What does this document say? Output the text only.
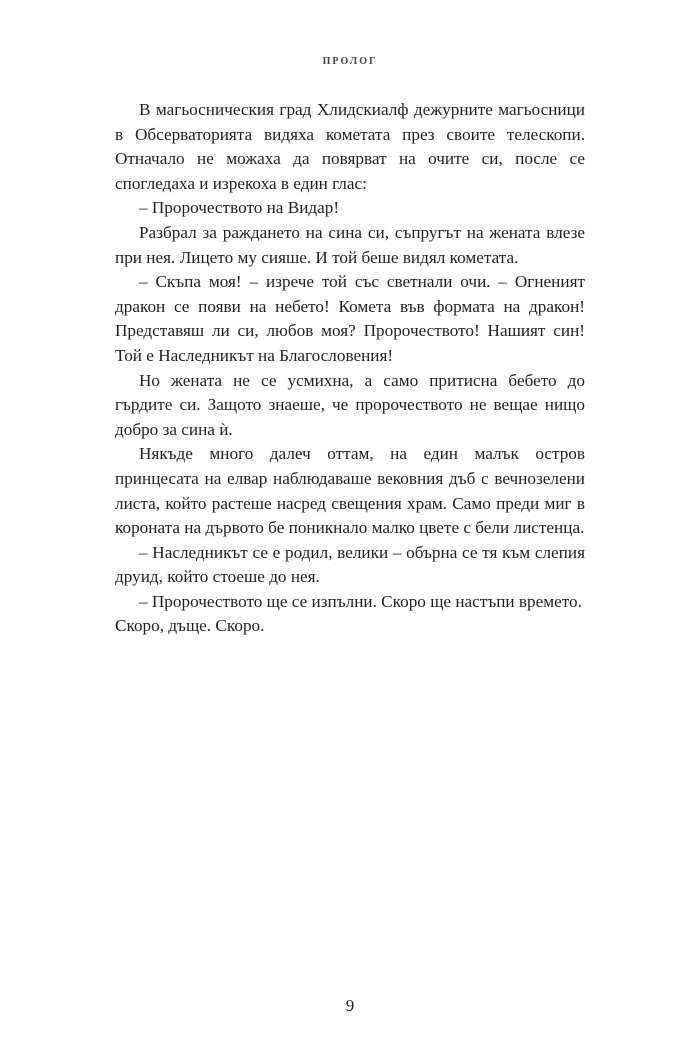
ПРОЛОГ

В магьосническия град Хлидскиалф дежурните магьосници в Обсерваторията видяха кометата през своите телескопи. Отначало не можаха да повярват на очите си, после се спогледаха и изрекоха в един глас:

– Пророчеството на Видар!

Разбрал за раждането на сина си, съпругът на жената влезе при нея. Лицето му сияше. И той беше видял кометата.

– Скъпа моя! – изрече той със светнали очи. – Огненият дракон се появи на небето! Комета във формата на дракон! Представяш ли си, любов моя? Пророчеството! Нашият син! Той е Наследникът на Благословения!

Но жената не се усмихна, а само притисна бебето до гърдите си. Защото знаеше, че пророчеството не вещае нищо добро за сина ѝ.

Някъде много далеч оттам, на един малък остров принцесата на елвар наблюдаваше вековния дъб с вечнозелени листа, който растеше насред свещения храм. Само преди миг в короната на дървото бе поникнало малко цвете с бели листенца.

– Наследникът се е родил, велики – обърна се тя към слепия друид, който стоеше до нея.

– Пророчеството ще се изпълни. Скоро ще настъпи времето. Скоро, дъще. Скоро.

9
